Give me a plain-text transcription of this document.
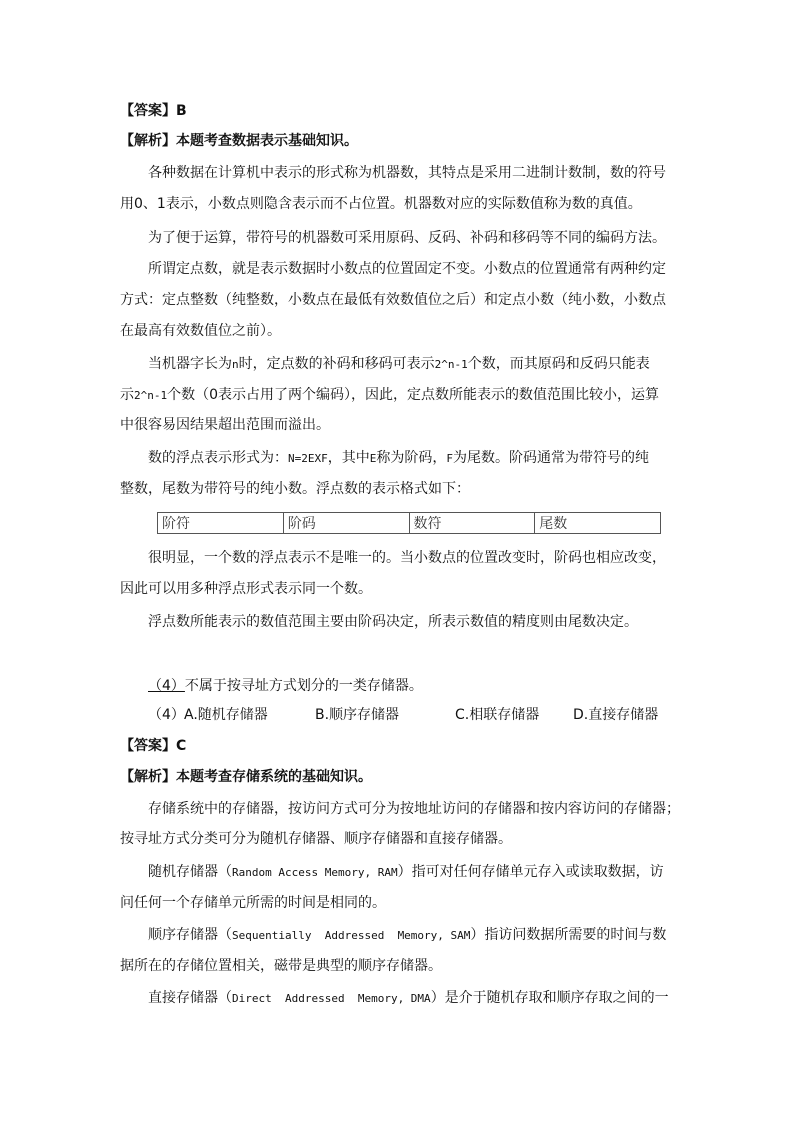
【答案】B
【解析】本题考查数据表示基础知识。
各种数据在计算机中表示的形式称为机器数，其特点是采用二进制计数制，数的符号
用0、1表示，小数点则隐含表示而不占位置。机器数对应的实际数值称为数的真值。
为了便于运算，带符号的机器数可采用原码、反码、补码和移码等不同的编码方法。
所谓定点数，就是表示数据时小数点的位置固定不变。小数点的位置通常有两种约定
方式：定点整数（纯整数，小数点在最低有效数值位之后）和定点小数（纯小数，小数点
在最高有效数值位之前）。
当机器字长为n时，定点数的补码和移码可表示2^n-1个数，而其原码和反码只能表
示2^n-1个数（0表示占用了两个编码），因此，定点数所能表示的数值范围比较小，运算
中很容易因结果超出范围而溢出。
数的浮点表示形式为：N=2EXF，其中E称为阶码，F为尾数。阶码通常为带符号的纯
整数，尾数为带符号的纯小数。浮点数的表示格式如下：
阶符	阶码	数符	尾数
很明显，一个数的浮点表示不是唯一的。当小数点的位置改变时，阶码也相应改变，
因此可以用多种浮点形式表示同一个数。
浮点数所能表示的数值范围主要由阶码决定，所表示数值的精度则由尾数决定。
（4）不属于按寻址方式划分的一类存储器。
（4）A.随机存储器	B.顺序存储器	C.相联存储器 D.直接存储器
【答案】C
【解析】本题考查存储系统的基础知识。
存储系统中的存储器，按访问方式可分为按地址访问的存储器和按内容访问的存储器；
按寻址方式分类可分为随机存储器、顺序存储器和直接存储器。
随机存储器（Random Access Memory, RAM）指可对任何存储单元存入或读取数据，访
问任何一个存储单元所需的时间是相同的。
顺序存储器（Sequentially  Addressed  Memory, SAM）指访问数据所需要的时间与数
据所在的存储位置相关，磁带是典型的顺序存储器。
直接存储器（Direct  Addressed  Memory, DMA）是介于随机存取和顺序存取之间的一
